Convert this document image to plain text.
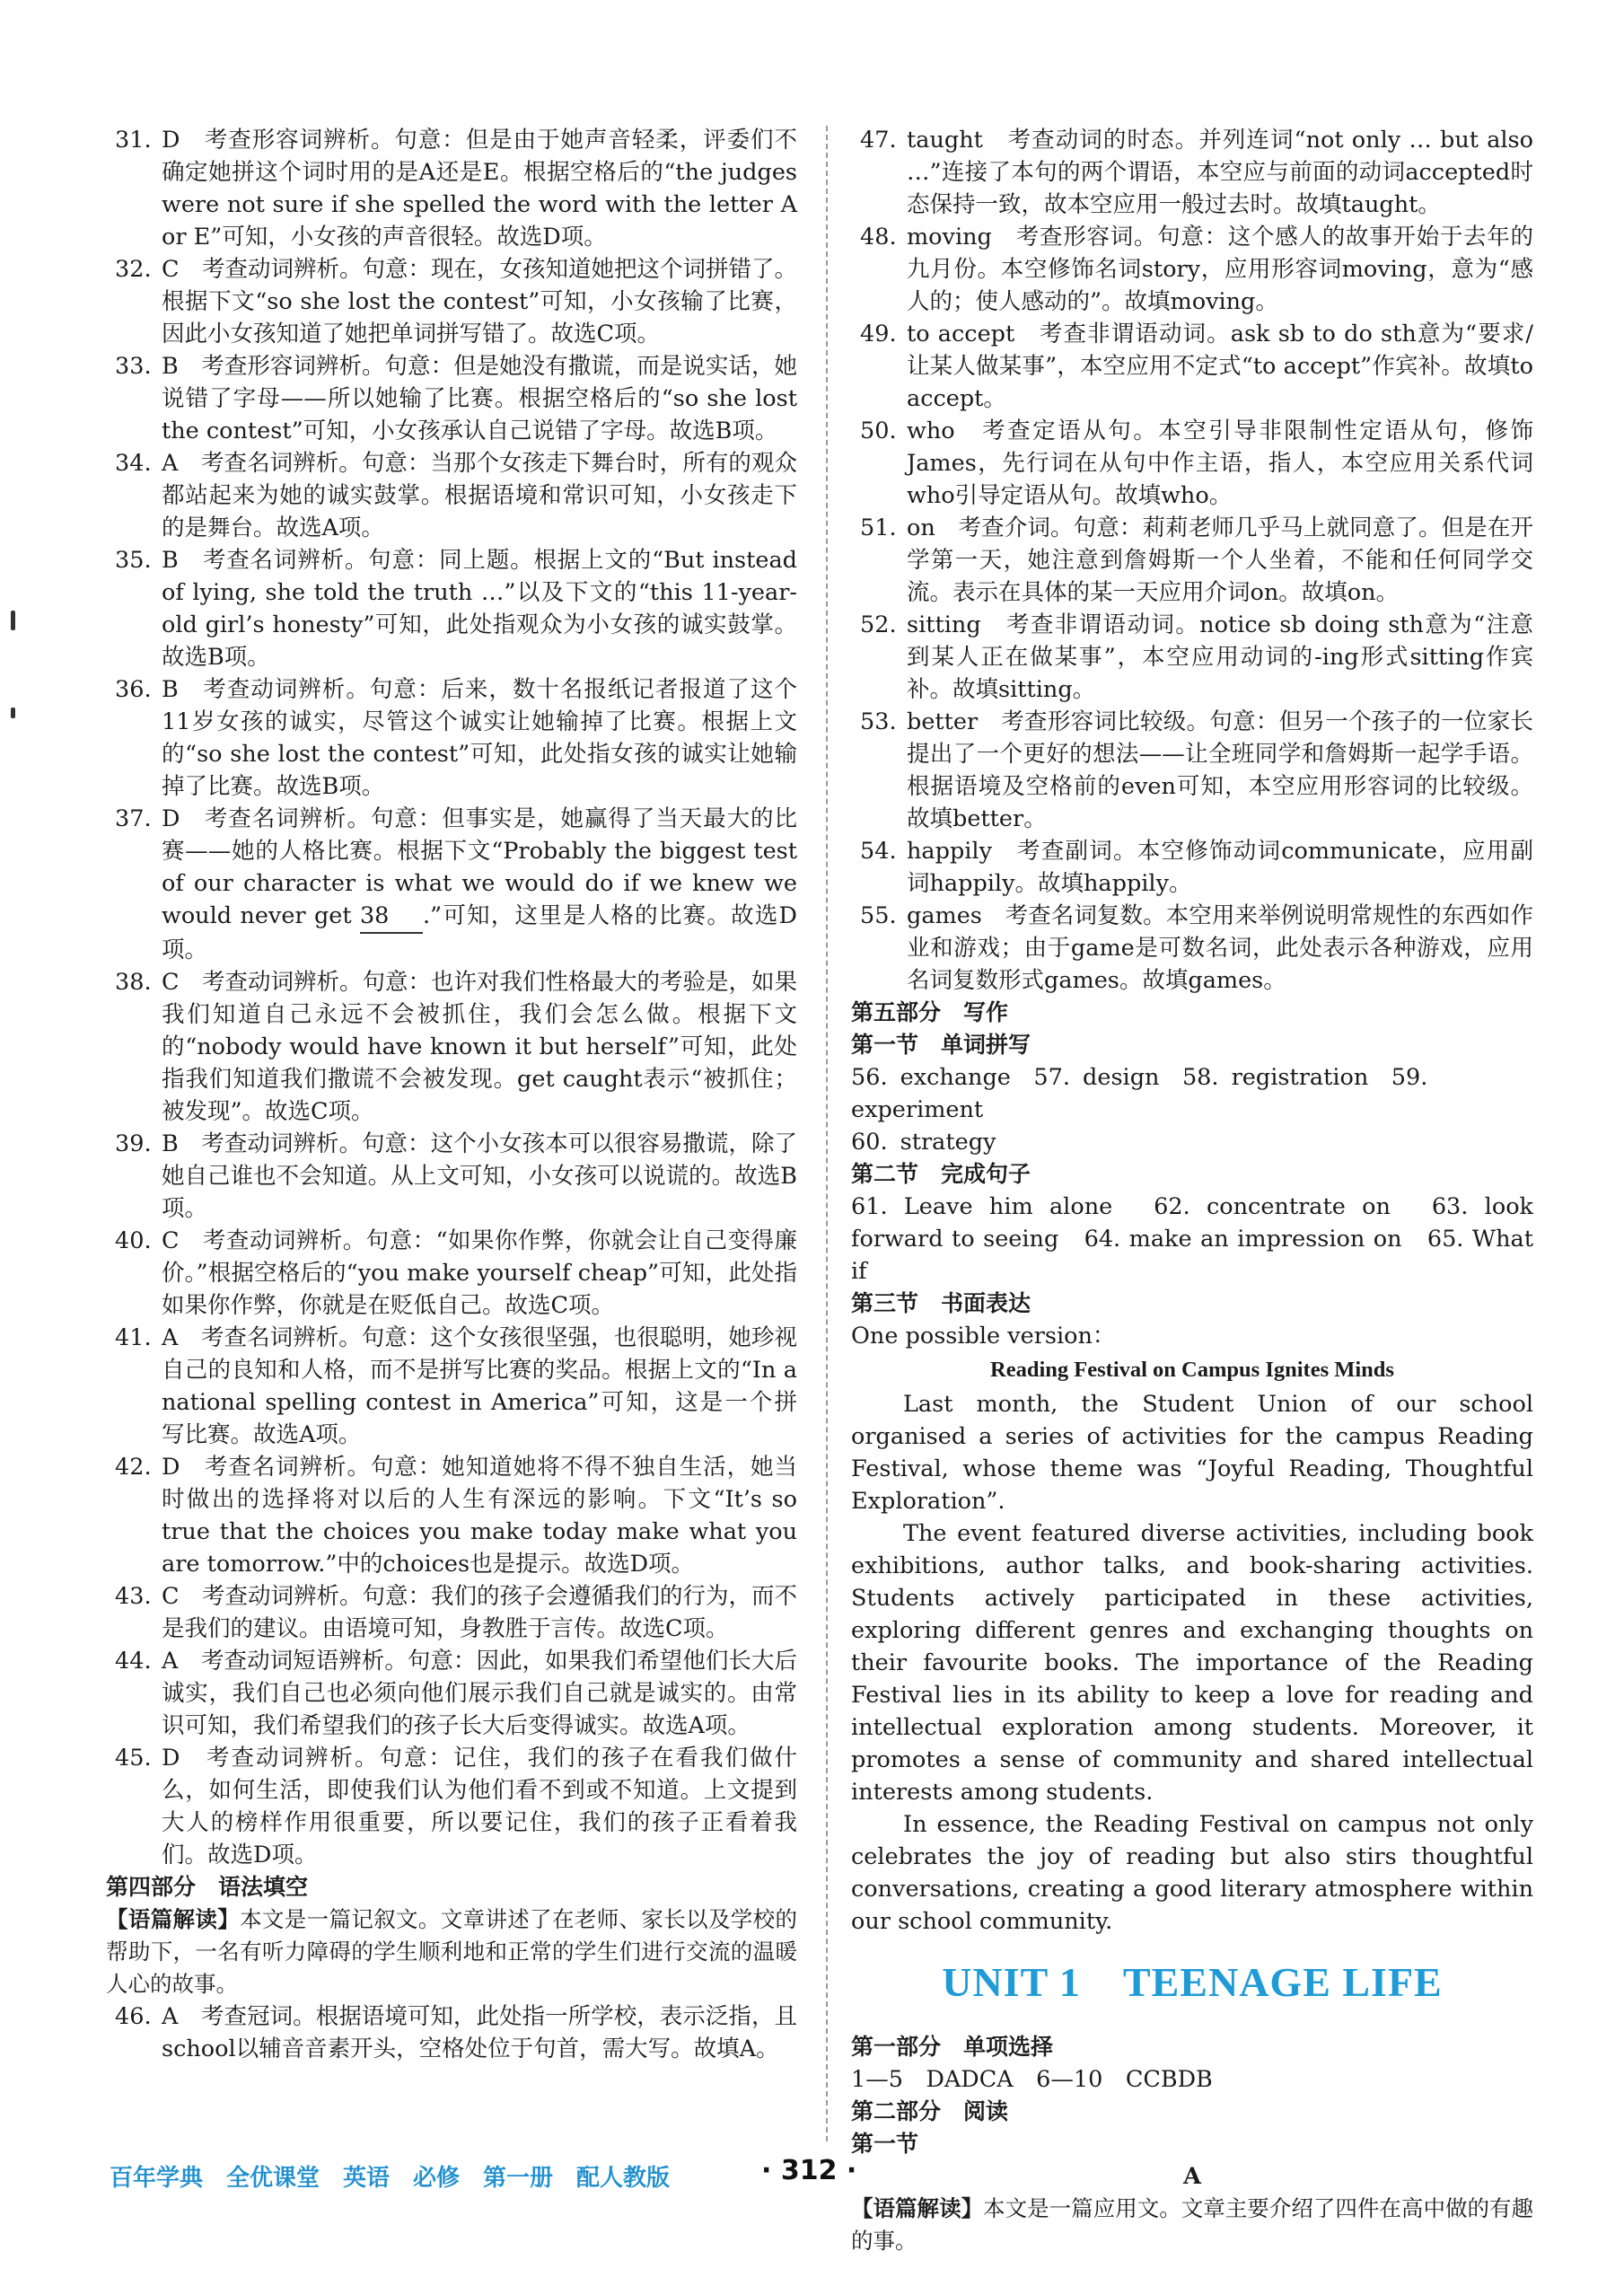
31. D　考查形容词辨析。句意：但是由于她声音轻柔，评委们不确定她拼这个词时用的是A还是E。根据空格后的“the judges were not sure if she spelled the word with the letter A or E”可知，小女孩的声音很轻。故选D项。
32. C　考查动词辨析。句意：现在，女孩知道她把这个词拼错了。根据下文“so she lost the contest”可知，小女孩输了比赛，因此小女孩知道了她把单词拼写错了。故选C项。
33. B　考查形容词辨析。句意：但是她没有撒谎，而是说实话，她说错了字母——所以她输了比赛。根据空格后的“so she lost the contest”可知，小女孩承认自己说错了字母。故选B项。
34. A　考查名词辨析。句意：当那个女孩走下舞台时，所有的观众都站起来为她的诚实鼓掌。根据语境和常识可知，小女孩走下的是舞台。故选A项。
35. B　考查名词辨析。句意：同上题。根据上文的“But instead of lying, she told the truth …”以及下文的“this 11-year-old girl’s honesty”可知，此处指观众为小女孩的诚实鼓掌。故选B项。
36. B　考查动词辨析。句意：后来，数十名报纸记者报道了这个11岁女孩的诚实，尽管这个诚实让她输掉了比赛。根据上文的“so she lost the contest”可知，此处指女孩的诚实让她输掉了比赛。故选B项。
37. D　考查名词辨析。句意：但事实是，她赢得了当天最大的比赛——她的人格比赛。根据下文“Probably the biggest test of our character is what we would do if we knew we would never get 38 .”可知，这里是人格的比赛。故选D项。
38. C　考查动词辨析。句意：也许对我们性格最大的考验是，如果我们知道自己永远不会被抓住，我们会怎么做。根据下文的“nobody would have known it but herself”可知，此处指我们知道我们撒谎不会被发现。get caught表示“被抓住；被发现”。故选C项。
39. B　考查动词辨析。句意：这个小女孩本可以很容易撒谎，除了她自己谁也不会知道。从上文可知，小女孩可以说谎的。故选B项。
40. C　考查动词辨析。句意：“如果你作弊，你就会让自己变得廉价。”根据空格后的“you make yourself cheap”可知，此处指如果你作弊，你就是在贬低自己。故选C项。
41. A　考查名词辨析。句意：这个女孩很坚强，也很聪明，她珍视自己的良知和人格，而不是拼写比赛的奖品。根据上文的“In a national spelling contest in America”可知，这是一个拼写比赛。故选A项。
42. D　考查名词辨析。句意：她知道她将不得不独自生活，她当时做出的选择将对以后的人生有深远的影响。下文“It’s so true that the choices you make today make what you are tomorrow.”中的choices也是提示。故选D项。
43. C　考查动词辨析。句意：我们的孩子会遵循我们的行为，而不是我们的建议。由语境可知，身教胜于言传。故选C项。
44. A　考查动词短语辨析。句意：因此，如果我们希望他们长大后诚实，我们自己也必须向他们展示我们自己就是诚实的。由常识可知，我们希望我们的孩子长大后变得诚实。故选A项。
45. D　考查动词辨析。句意：记住，我们的孩子在看我们做什么，如何生活，即使我们认为他们看不到或不知道。上文提到大人的榜样作用很重要，所以要记住，我们的孩子正看着我们。故选D项。

第四部分　语法填空

【语篇解读】本文是一篇记叙文。文章讲述了在老师、家长以及学校的帮助下，一名有听力障碍的学生顺利地和正常的学生们进行交流的温暖人心的故事。

46. A　考查冠词。根据语境可知，此处指一所学校，表示泛指，且school以辅音音素开头，空格处位于句首，需大写。故填A。
47. taught　考查动词的时态。并列连词“not only … but also …”连接了本句的两个谓语，本空应与前面的动词accepted时态保持一致，故本空应用一般过去时。故填taught。
48. moving　考查形容词。句意：这个感人的故事开始于去年的九月份。本空修饰名词story，应用形容词moving，意为“感人的；使人感动的”。故填moving。
49. to accept　考查非谓语动词。ask sb to do sth意为“要求/让某人做某事”，本空应用不定式“to accept”作宾补。故填to accept。
50. who　考查定语从句。本空引导非限制性定语从句，修饰James，先行词在从句中作主语，指人，本空应用关系代词who引导定语从句。故填who。
51. on　考查介词。句意：莉莉老师几乎马上就同意了。但是在开学第一天，她注意到詹姆斯一个人坐着，不能和任何同学交流。表示在具体的某一天应用介词on。故填on。
52. sitting　考查非谓语动词。notice sb doing sth意为“注意到某人正在做某事”，本空应用动词的-ing形式sitting作宾补。故填sitting。
53. better　考查形容词比较级。句意：但另一个孩子的一位家长提出了一个更好的想法——让全班同学和詹姆斯一起学手语。根据语境及空格前的even可知，本空应用形容词的比较级。故填better。
54. happily　考查副词。本空修饰动词communicate，应用副词happily。故填happily。
55. games　考查名词复数。本空用来举例说明常规性的东西如作业和游戏；由于game是可数名词，此处表示各种游戏，应用名词复数形式games。故填games。

第五部分　写作

第一节　单词拼写

56. exchange　57. design　58. registration　59. experiment

60. strategy

第二节　完成句子

61. Leave him alone　62. concentrate on　63. look forward to seeing　64. make an impression on　65. What if

第三节　书面表达

One possible version：

Reading Festival on Campus Ignites Minds

Last month, the Student Union of our school organised a series of activities for the campus Reading Festival, whose theme was “Joyful Reading, Thoughtful Exploration”.

The event featured diverse activities, including book exhibitions, author talks, and book-sharing activities. Students actively participated in these activities, exploring different genres and exchanging thoughts on their favourite books. The importance of the Reading Festival lies in its ability to keep a love for reading and intellectual exploration among students. Moreover, it promotes a sense of community and shared intellectual interests among students.

In essence, the Reading Festival on campus not only celebrates the joy of reading but also stirs thoughtful conversations, creating a good literary atmosphere within our school community.

UNIT 1　TEENAGE LIFE

第一部分　单项选择

1—5　DADCA　6—10　CCBDB

第二部分　阅读

第一节

A

【语篇解读】本文是一篇应用文。文章主要介绍了四件在高中做的有趣的事。

百年学典　全优课堂　英语　必修　第一册　配人教版	· 312 ·
